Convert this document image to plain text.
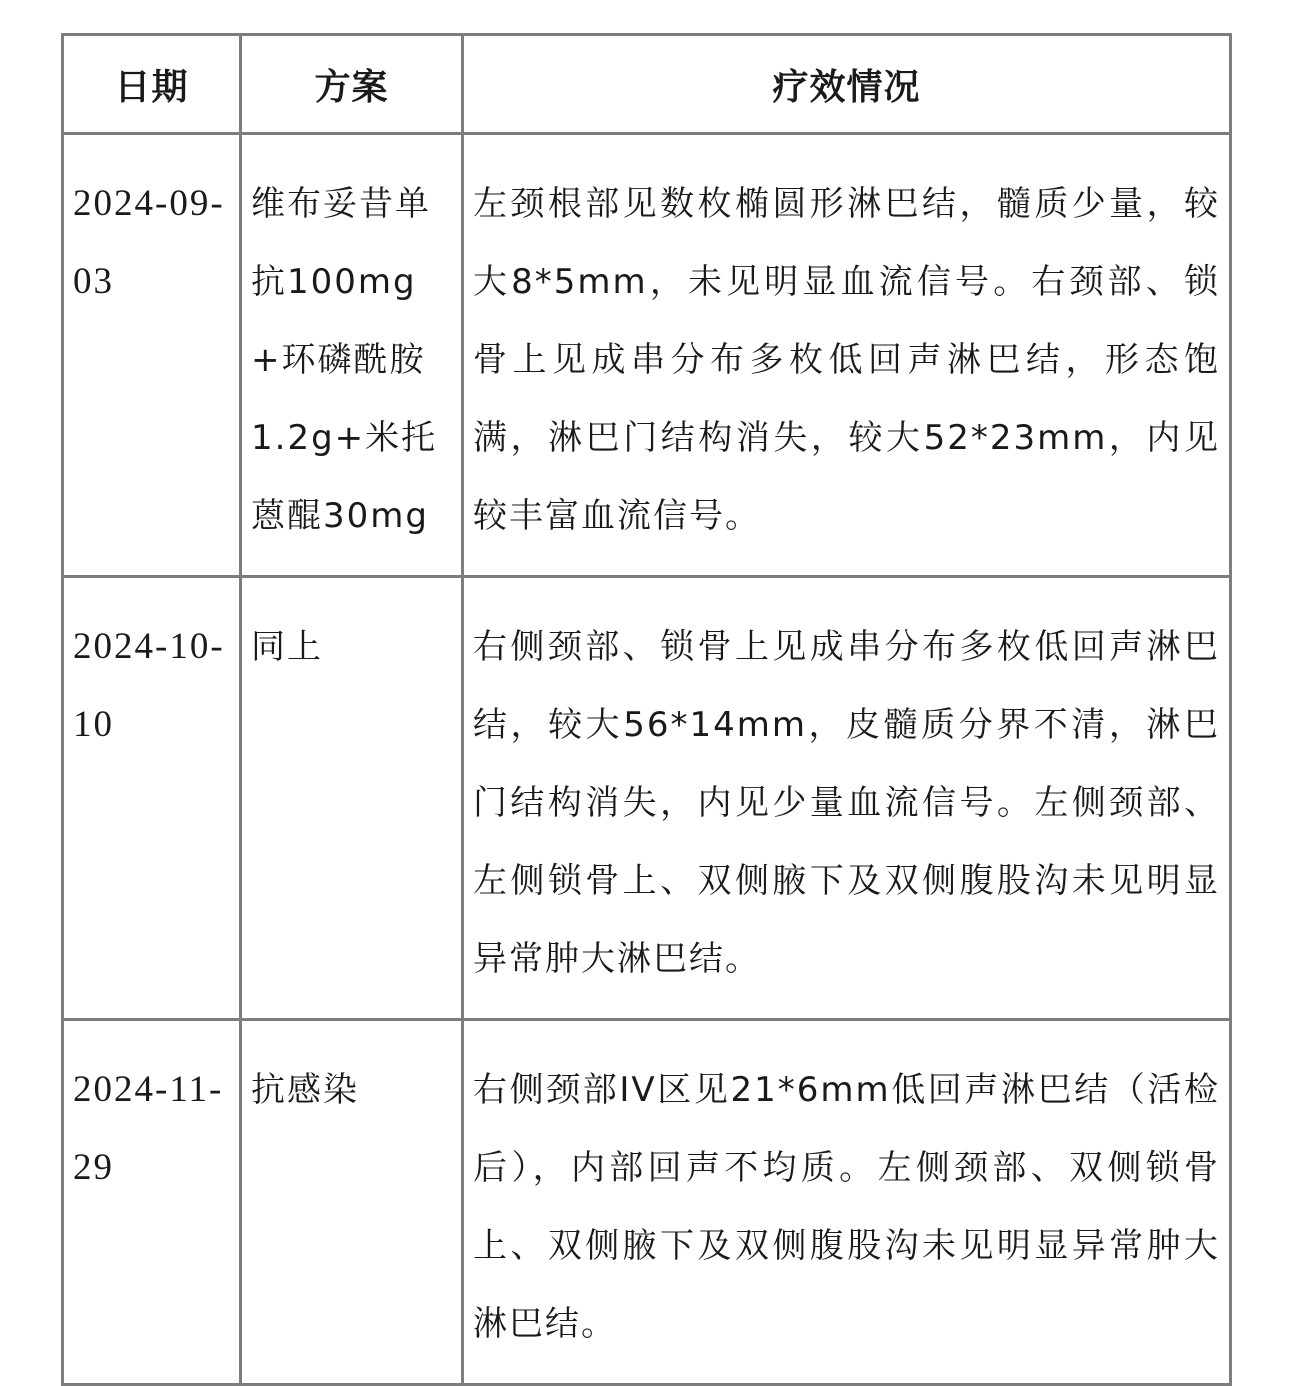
日期	方案	疗效情况
2024-09-03	维布妥昔单抗100mg+环磷酰胺1.2g+米托蒽醌30mg	左颈根部见数枚椭圆形淋巴结，髓质少量，较大8*5mm，未见明显血流信号。右颈部、锁骨上见成串分布多枚低回声淋巴结，形态饱满，淋巴门结构消失，较大52*23mm，内见较丰富血流信号。
2024-10-10	同上	右侧颈部、锁骨上见成串分布多枚低回声淋巴结，较大56*14mm，皮髓质分界不清，淋巴门结构消失，内见少量血流信号。左侧颈部、左侧锁骨上、双侧腋下及双侧腹股沟未见明显异常肿大淋巴结。
2024-11-29	抗感染	右侧颈部IV区见21*6mm低回声淋巴结（活检后），内部回声不均质。左侧颈部、双侧锁骨上、双侧腋下及双侧腹股沟未见明显异常肿大淋巴结。
